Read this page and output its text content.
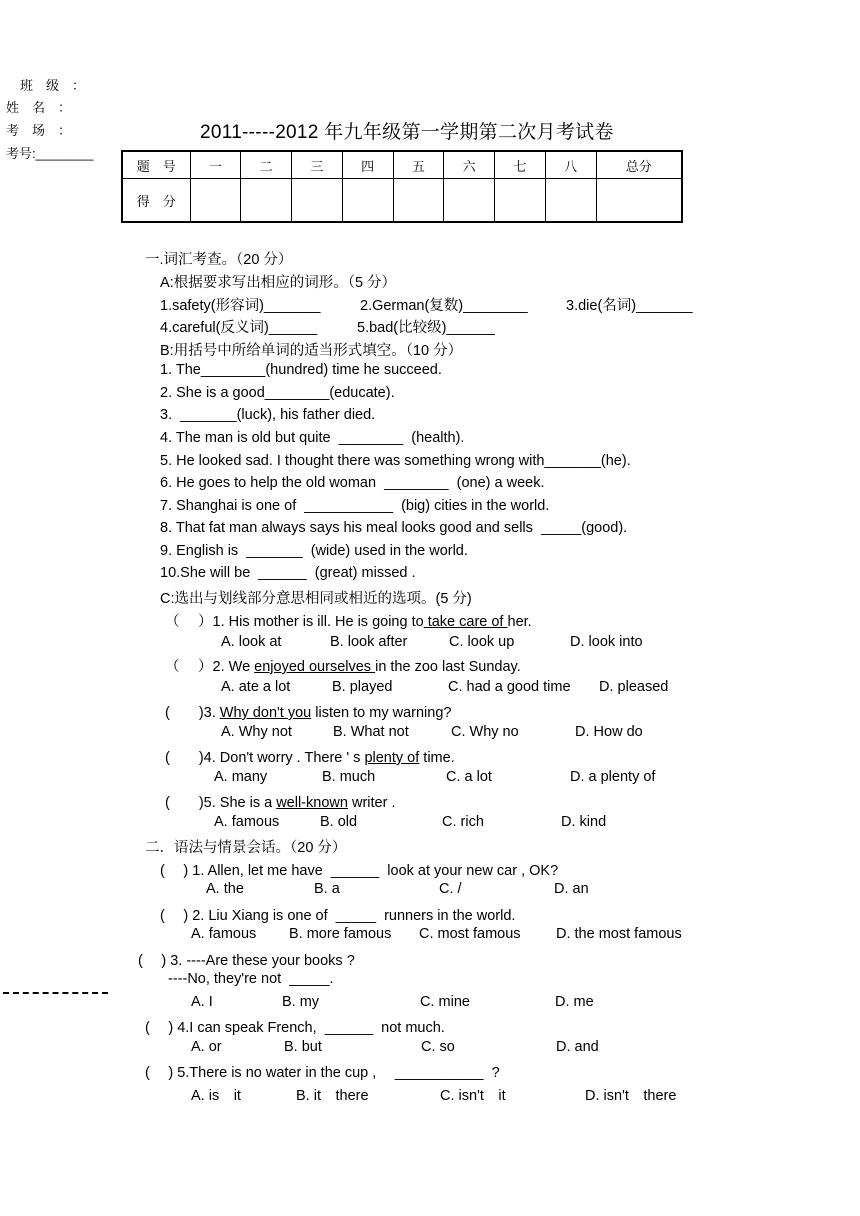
班　级　：
姓　名　：
考　场　：
考号:________
2011-----2012 年九年级第一学期第二次月考试卷
题　号	一	二	三	四	五	六	七	八	总分
得　分									
一.词汇考查。（20 分）
A:根据要求写出相应的词形。（5 分）
1.safety(形容词)_______	2.German(复数)________	3.die(名词)_______
4.careful(反义词)______	5.bad(比较级)______
B:用括号中所给单词的适当形式填空。（10 分）
1. The________(hundred) time he succeed.
2. She is a good________(educate).
3.  _______(luck), his father died.
4. The man is old but quite  ________  (health).
5. He looked sad. I thought there was something wrong with_______(he).
6. He goes to help the old woman  ________  (one) a week.
7. Shanghai is one of  ___________  (big) cities in the world.
8. That fat man always says his meal looks good and sells  _____(good).
9. English is  _______  (wide) used in the world.
10.She will be  ______  (great) missed .
C:选出与划线部分意思相同或相近的选项。(5 分)
（　 ）1. His mother is ill. He is going to take care of her.
A. look at	B. look after	C. look up	D. look into
（　 ）2. We enjoyed ourselves in the zoo last Sunday.
A. ate a lot	B. played	C. had a good time D. pleased
(　　)3. Why don't you listen to my warning?
A. Why not	B. What not	C. Why no	D. How do
(　　)4. Don't worry . There ' s plenty of time.
A. many	B. much	C. a lot	D. a plenty of
(　　)5. She is a well-known writer .
A. famous	B. old	C. rich	D. kind
二．语法与情景会话。（20 分）
(　 ) 1. Allen, let me have  ______  look at your new car , OK?
A. the	B. a	C. /	D. an
(　 ) 2. Liu Xiang is one of  _____  runners in the world.
A. famous B. more famous C. most famous D. the most famous
(　 ) 3. ----Are these your books ?
----No, they're not  _____.
A. I	B. my	C. mine	D. me
(　 ) 4.I can speak French,  ______  not much.
A. or	B. but	C. so	D. and
(　 ) 5.There is no water in the cup ,　 ___________  ?
A. is　it	B. it　there	C. isn't　it	D. isn't　there
